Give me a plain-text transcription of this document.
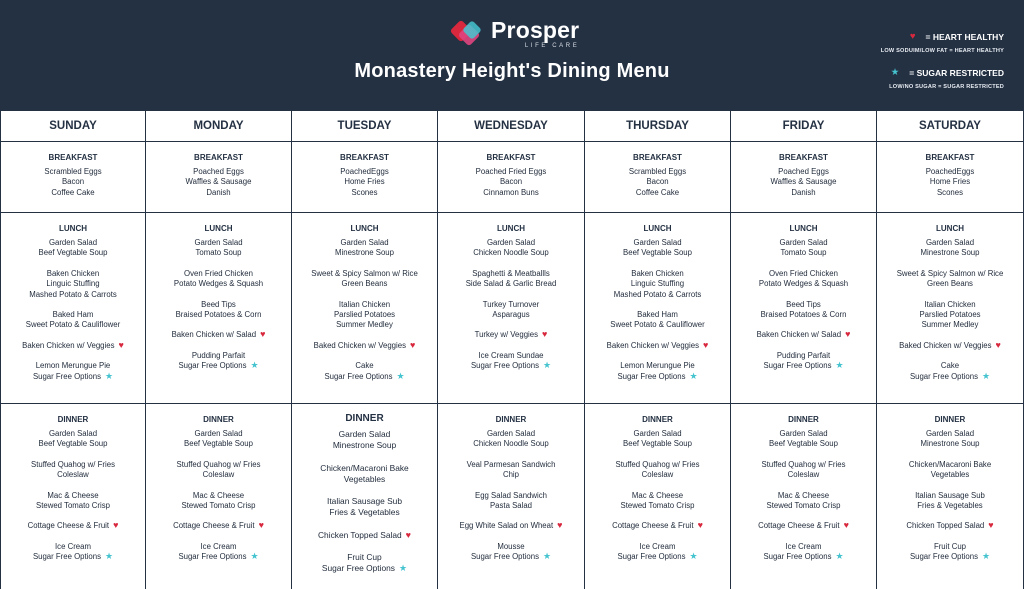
Prosper
LIFE CARE
Monastery Height's Dining Menu
♥ = HEART HEALTHY
LOW SODUIM/LOW FAT = HEART HEALTHY
★ = SUGAR RESTRICTED
LOW/NO SUGAR = SUGAR RESTRICTED
SUNDAY
BREAKFAST
Scrambled Eggs
Bacon
Coffee Cake
LUNCH
Garden Salad
Beef Vegtable Soup
Baken Chicken
Linguic Stuffing
Mashed Potato & Carrots
Baked Ham
Sweet Potato & Cauliflower
Baken Chicken w/ Veggies ♥
Lemon Merungue Pie
Sugar Free Options ★
DINNER
Garden Salad
Beef Vegtable Soup
Stuffed Quahog w/ Fries
Coleslaw
Mac & Cheese
Stewed Tomato Crisp
Cottage Cheese & Fruit ♥
Ice Cream
Sugar Free Options ★
MONDAY
BREAKFAST
Poached Eggs
Waffles & Sausage
Danish
LUNCH
Garden Salad
Tomato Soup
Oven Fried Chicken
Potato Wedges & Squash
Beed Tips
Braised Potatoes & Corn
Baken Chicken w/ Salad ♥
Pudding Parfait
Sugar Free Options ★
DINNER
Garden Salad
Beef Vegtable Soup
Stuffed Quahog w/ Fries
Coleslaw
Mac & Cheese
Stewed Tomato Crisp
Cottage Cheese & Fruit ♥
Ice Cream
Sugar Free Options ★
TUESDAY
BREAKFAST
PoachedEggs
Home Fries
Scones
LUNCH
Garden Salad
Minestrone Soup
Sweet & Spicy Salmon w/ Rice
Green Beans
Italian Chicken
Parslied Potatoes
Summer Medley
Baked Chicken w/ Veggies ♥
Cake
Sugar Free Options ★
DINNER
Garden Salad
Minestrone Soup
Chicken/Macaroni Bake
Vegetables
Italian Sausage Sub
Fries & Vegetables
Chicken Topped Salad ♥
Fruit Cup
Sugar Free Options ★
WEDNESDAY
BREAKFAST
Poached Fried Eggs
Bacon
Cinnamon Buns
LUNCH
Garden Salad
Chicken Noodle Soup
Spaghetti & Meatballls
Side Salad & Garlic Bread
Turkey Turnover
Asparagus
Turkey w/ Veggies ♥
Ice Cream Sundae
Sugar Free Options ★
DINNER
Garden Salad
Chicken Noodle Soup
Veal Parmesan Sandwich
Chip
Egg Salad Sandwich
Pasta Salad
Egg White Salad on Wheat ♥
Mousse
Sugar Free Options ★
THURSDAY
BREAKFAST
Scrambled Eggs
Bacon
Coffee Cake
LUNCH
Garden Salad
Beef Vegtable Soup
Baken Chicken
Linguic Stuffing
Mashed Potato & Carrots
Baked Ham
Sweet Potato & Cauliflower
Baken Chicken w/ Veggies ♥
Lemon Merungue Pie
Sugar Free Options ★
DINNER
Garden Salad
Beef Vegtable Soup
Stuffed Quahog w/ Fries
Coleslaw
Mac & Cheese
Stewed Tomato Crisp
Cottage Cheese & Fruit ♥
Ice Cream
Sugar Free Options ★
FRIDAY
BREAKFAST
Poached Eggs
Waffles & Sausage
Danish
LUNCH
Garden Salad
Tomato Soup
Oven Fried Chicken
Potato Wedges & Squash
Beed Tips
Braised Potatoes & Corn
Baken Chicken w/ Salad ♥
Pudding Parfait
Sugar Free Options ★
DINNER
Garden Salad
Beef Vegtable Soup
Stuffed Quahog w/ Fries
Coleslaw
Mac & Cheese
Stewed Tomato Crisp
Cottage Cheese & Fruit ♥
Ice Cream
Sugar Free Options ★
SATURDAY
BREAKFAST
PoachedEggs
Home Fries
Scones
LUNCH
Garden Salad
Minestrone Soup
Sweet & Spicy Salmon w/ Rice
Green Beans
Italian Chicken
Parslied Potatoes
Summer Medley
Baked Chicken w/ Veggies ♥
Cake
Sugar Free Options ★
DINNER
Garden Salad
Minestrone Soup
Chicken/Macaroni Bake
Vegetables
Italian Sausage Sub
Fries & Vegetables
Chicken Topped Salad ♥
Fruit Cup
Sugar Free Options ★
